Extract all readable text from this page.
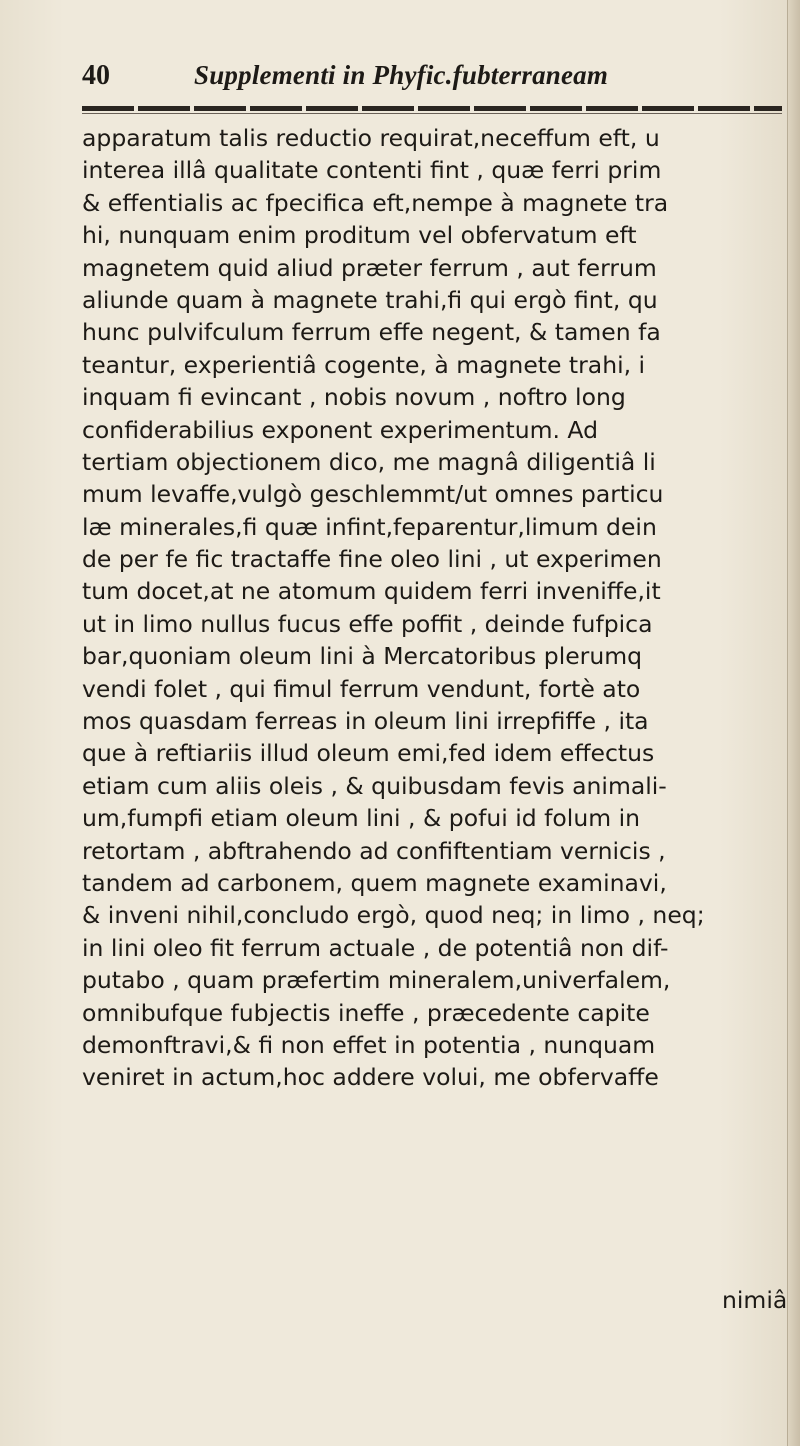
40	Supplementi in Phyfic.fubterraneam
apparatum talis reductio requirat,neceffum eft, u
interea illâ qualitate contenti fint , quæ ferri prim
& effentialis ac fpecifica eft,nempe à magnete tra
hi, nunquam enim proditum vel obfervatum eft
magnetem quid aliud præter ferrum , aut ferrum
aliunde quam à magnete trahi,fi qui ergò fint, qu
hunc pulvifculum ferrum effe negent, & tamen fa
teantur, experientiâ cogente, à magnete trahi, i
inquam fi evincant , nobis novum , noftro long
confiderabilius exponent experimentum. Ad
tertiam objectionem dico, me magnâ diligentiâ li
mum levaffe,vulgò geschlemmt/ut omnes particu
læ minerales,fi quæ infint,feparentur,limum dein
de per fe fic tractaffe fine oleo lini , ut experimen
tum docet,at ne atomum quidem ferri inveniffe,it
ut in limo nullus fucus effe poffit , deinde fufpica
bar,quoniam oleum lini à Mercatoribus plerumq
vendi folet , qui fimul ferrum vendunt, fortè ato
mos quasdam ferreas in oleum lini irrepfiffe , ita
que à reftiariis illud oleum emi,fed idem effectus
etiam cum aliis oleis , & quibusdam fevis animali-
um,fumpfi etiam oleum lini , & pofui id folum in
retortam , abftrahendo ad confiftentiam vernicis ,
tandem ad carbonem, quem magnete examinavi,
& inveni nihil,concludo ergò, quod neq; in limo , neq;
in lini oleo fit ferrum actuale , de potentiâ non dif-
putabo , quam præfertim mineralem,univerfalem,
omnibufque fubjectis ineffe , præcedente capite
demonftravi,& fi non effet in potentia , nunquam
veniret in actum,hoc addere volui, me obfervaffe
nimiâ
